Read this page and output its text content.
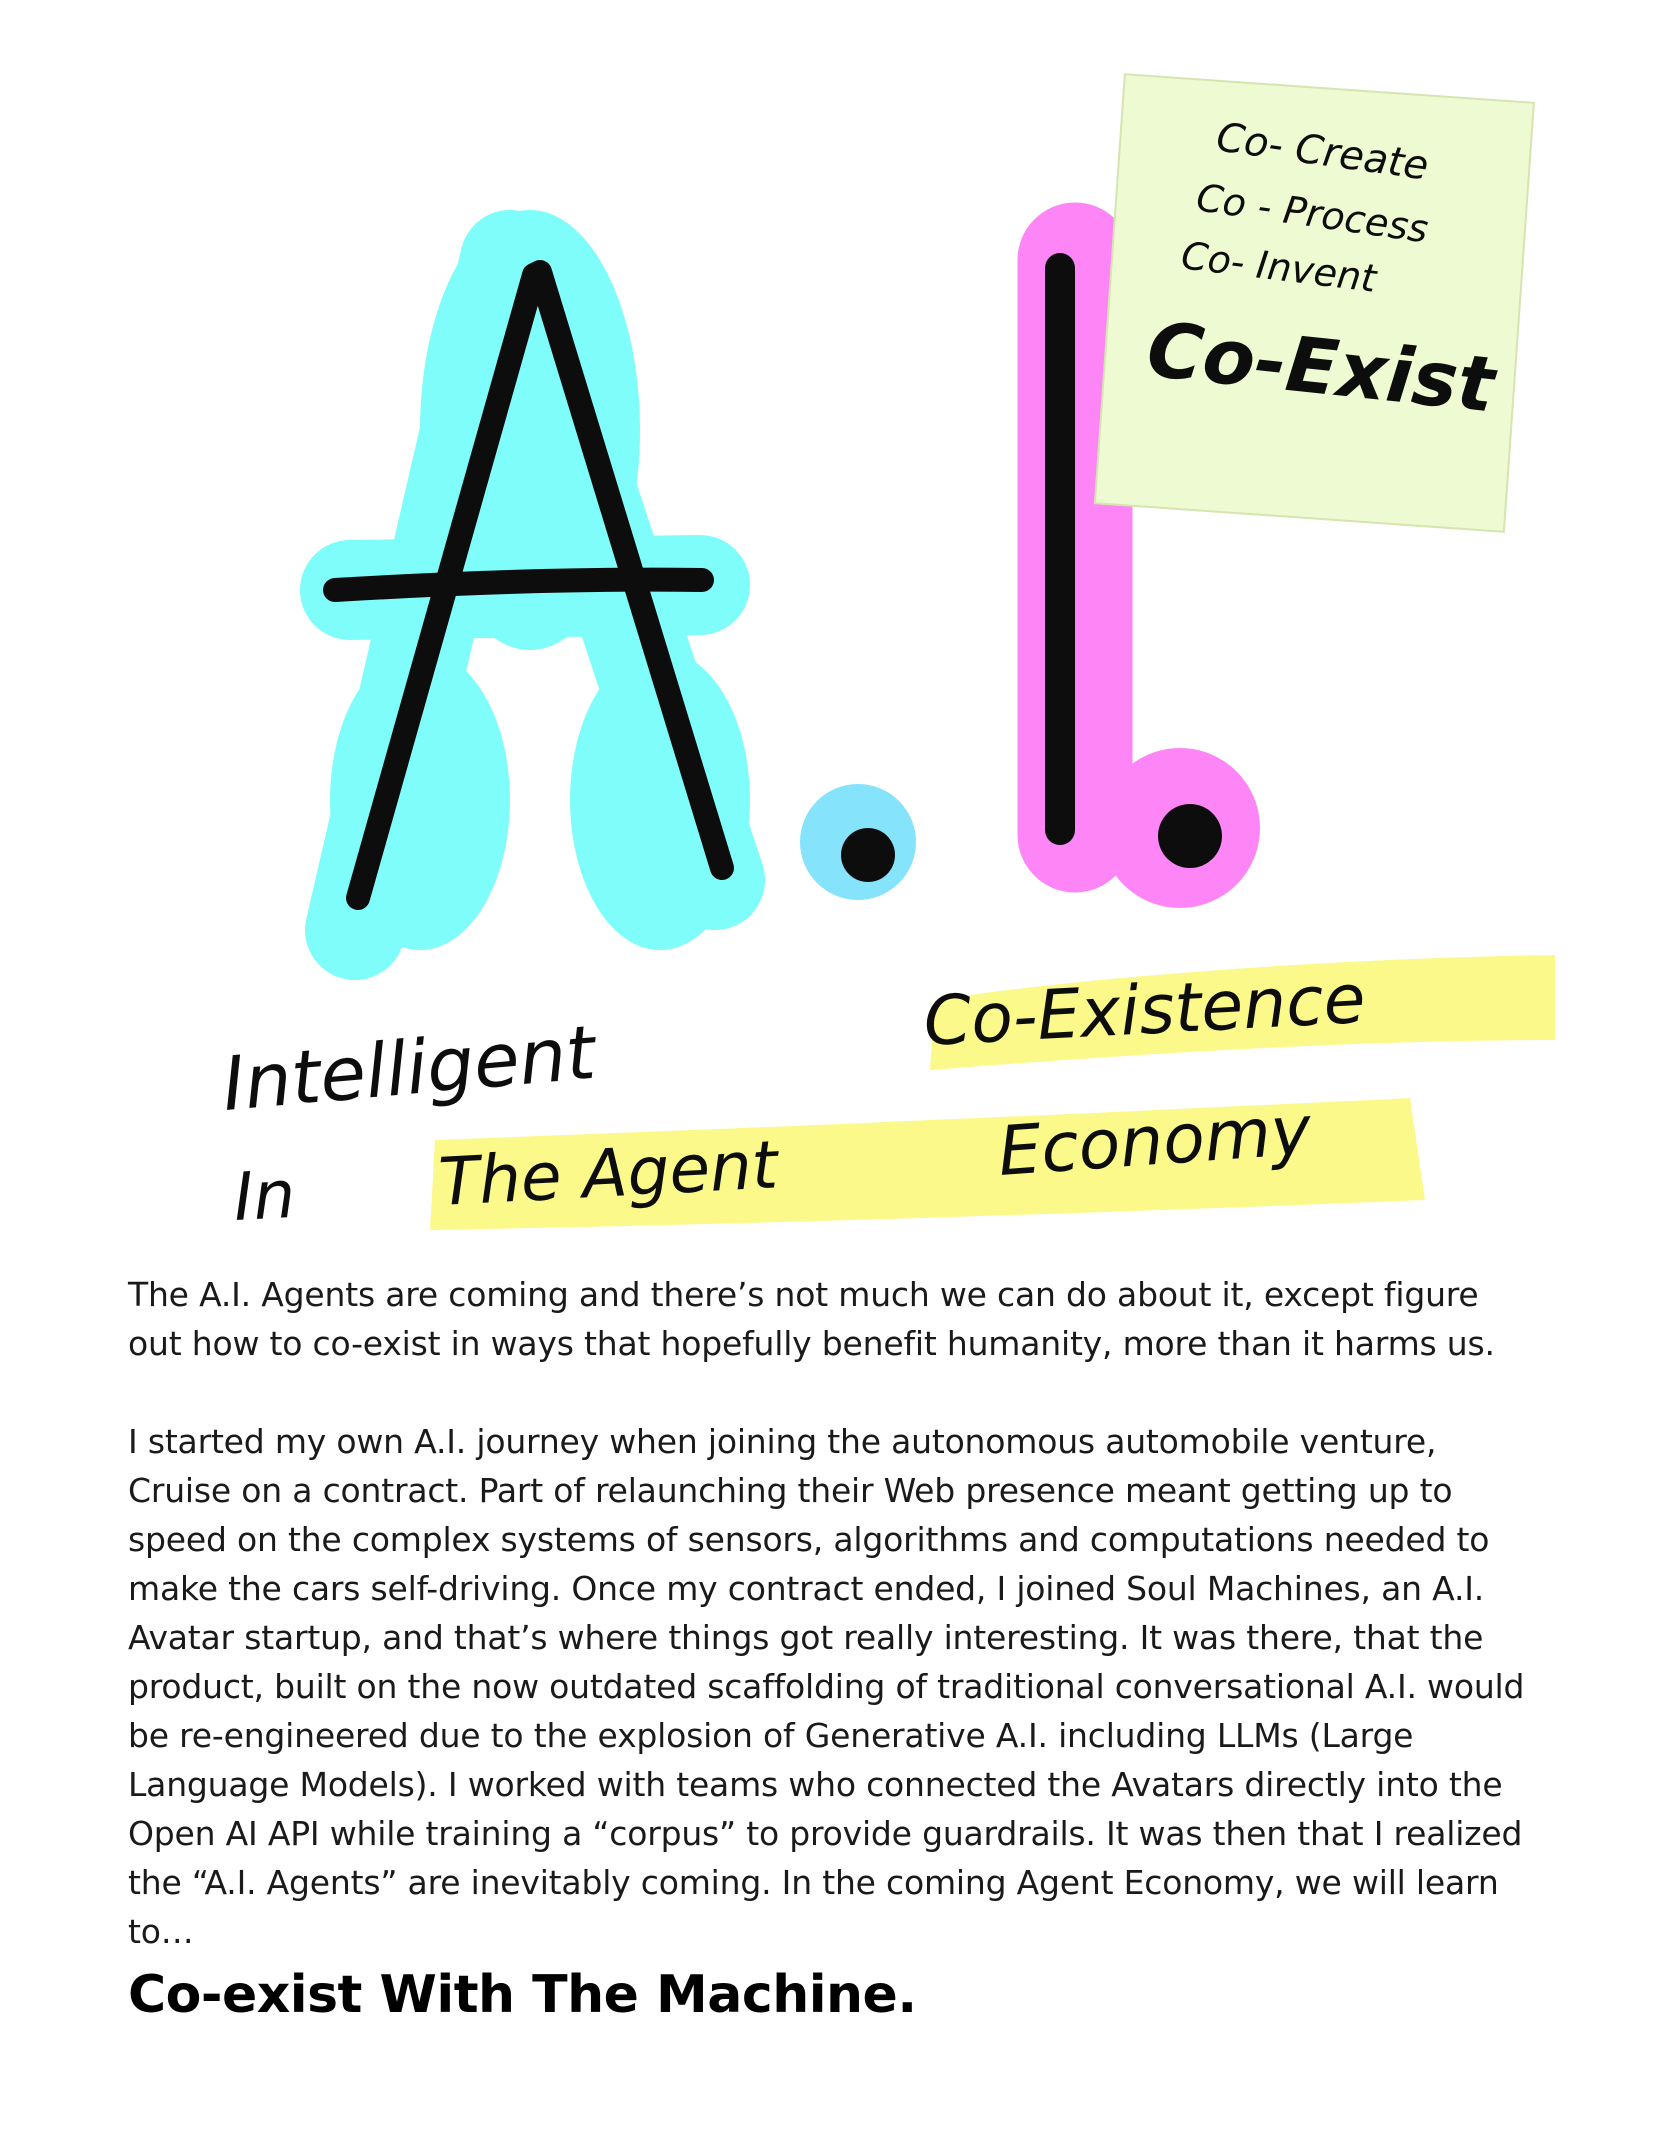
Co- Create
Co - Process
Co- Invent
Co-Exist
Intelligent	Co-Existence
In The Agent	Economy

The A.I. Agents are coming and there’s not much we can do about it, except figure out how to co-exist in ways that hopefully benefit humanity, more than it harms us.

I started my own A.I. journey when joining the autonomous automobile venture, Cruise on a contract. Part of relaunching their Web presence meant getting up to speed on the complex systems of sensors, algorithms and computations needed to make the cars self-driving. Once my contract ended, I joined Soul Machines, an A.I. Avatar startup, and that’s where things got really interesting. It was there, that the product, built on the now outdated scaffolding of traditional conversational A.I. would be re-engineered due to the explosion of Generative A.I. including LLMs (Large Language Models). I worked with teams who connected the Avatars directly into the Open AI API while training a “corpus” to provide guardrails. It was then that I realized the “A.I. Agents” are inevitably coming. In the coming Agent Economy, we will learn to…

Co-exist With The Machine.
